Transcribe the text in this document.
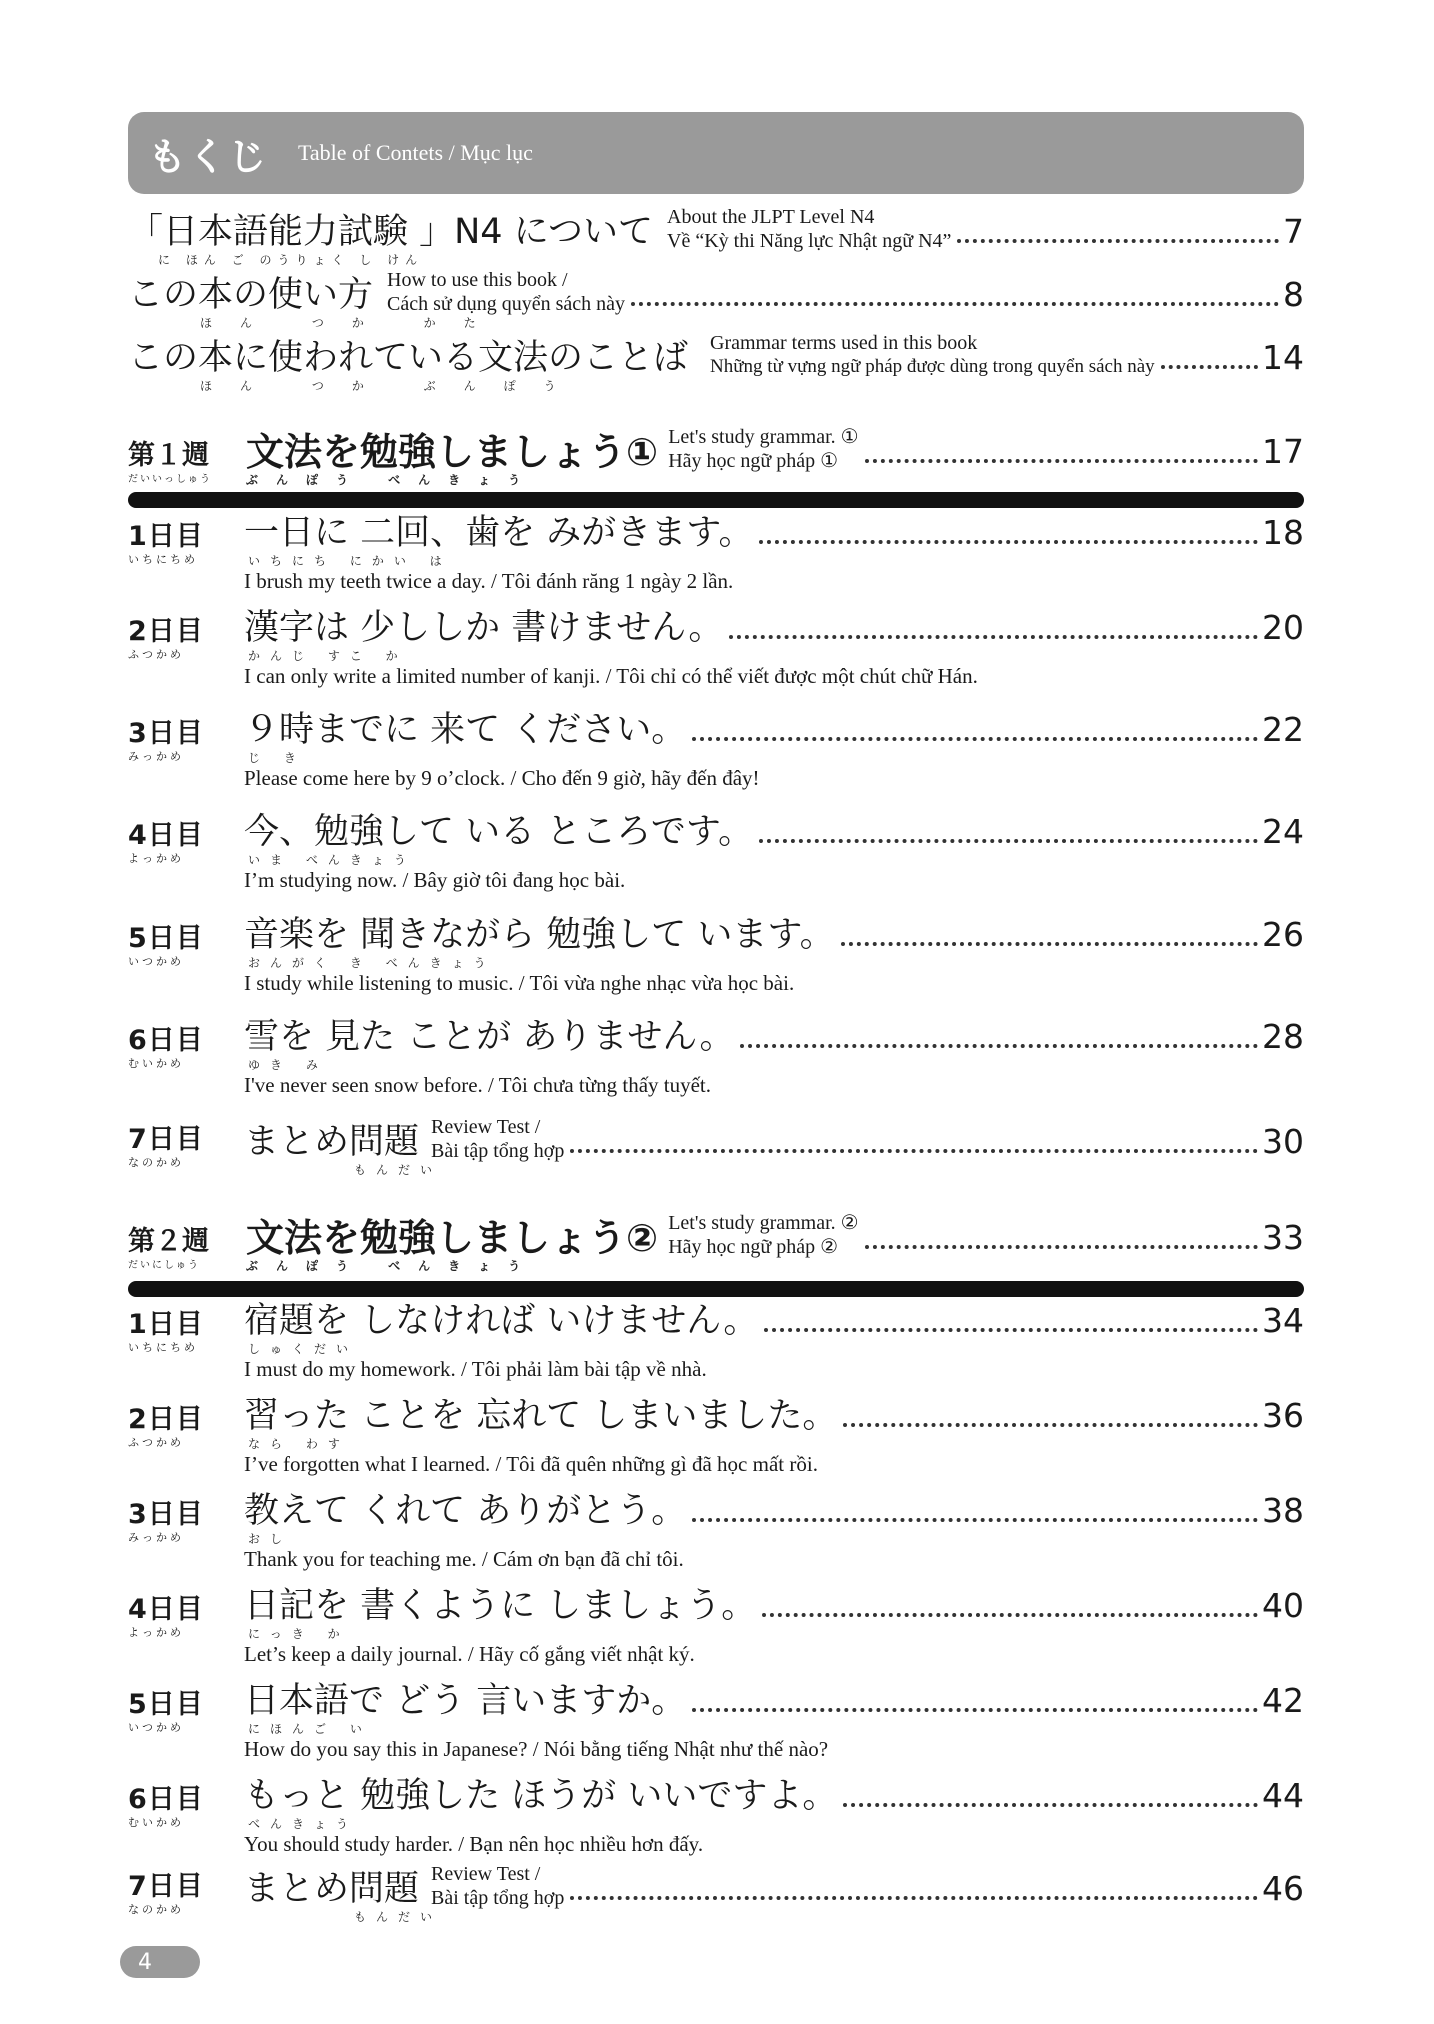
もくじ Table of Contets / Mục lục
「日本語能力試験 」N4 について About the JLPT Level N4
Về “Kỳ thi Năng lực Nhật ngữ N4”	7
に ほん ご のうりょく し けん
この本の使い方 How to use this book /
Cách sử dụng quyển sách này	8
ほん つか かた
この本に使われている文法のことば Grammar terms used in this book
Những từ vựng ngữ pháp được dùng trong quyển sách này	14
ほん つか ぶんぽう
第１週 文法を勉強しましょう① Let's study grammar. ①
Hãy học ngữ pháp ①	17
だいいっしゅう	ぶんぽう べんきょう
1日目
いちにちめ
一日に 二回、歯を みがきます。	18
いちにち にかい は
I brush my teeth twice a day. / Tôi đánh răng 1 ngày 2 lần.
2日目
ふつかめ
漢字は 少ししか 書けません。	20
かんじ すこ か
I can only write a limited number of kanji. / Tôi chỉ có thể viết được một chút chữ Hán.
3日目
みっかめ
９時までに 来て ください。	22
じ き
Please come here by 9 o’clock. / Cho đến 9 giờ, hãy đến đây!
4日目
よっかめ
今、勉強して いる ところです。	24
いま べんきょう
I’m studying now. / Bây giờ tôi đang học bài.
5日目
いつかめ
音楽を 聞きながら 勉強して います。	26
おんがく き べんきょう
I study while listening to music. / Tôi vừa nghe nhạc vừa học bài.
6日目
むいかめ
雪を 見た ことが ありません。	28
ゆき み
I've never seen snow before. / Tôi chưa từng thấy tuyết.
7日目
なのかめ
まとめ問題 Review Test /
Bài tập tổng hợp	30
もんだい
第２週 文法を勉強しましょう② Let's study grammar. ②
Hãy học ngữ pháp ②	33
だいにしゅう	ぶんぽう べんきょう
1日目
いちにちめ
宿題を しなければ いけません。	34
しゅくだい
I must do my homework. / Tôi phải làm bài tập về nhà.
2日目
ふつかめ
習った ことを 忘れて しまいました。	36
なら わす
I’ve forgotten what I learned. / Tôi đã quên những gì đã học mất rồi.
3日目
みっかめ
教えて くれて ありがとう。	38
おし
Thank you for teaching me. / Cám ơn bạn đã chỉ tôi.
4日目
よっかめ
日記を 書くように しましょう。	40
にっき か
Let’s keep a daily journal. / Hãy cố gắng viết nhật ký.
5日目
いつかめ
日本語で どう 言いますか。	42
にほんご い
How do you say this in Japanese? / Nói bằng tiếng Nhật như thế nào?
6日目
むいかめ
もっと 勉強した ほうが いいですよ。	44
べんきょう
You should study harder. / Bạn nên học nhiều hơn đấy.
7日目
なのかめ
まとめ問題 Review Test /
Bài tập tổng hợp	46
もんだい
4
